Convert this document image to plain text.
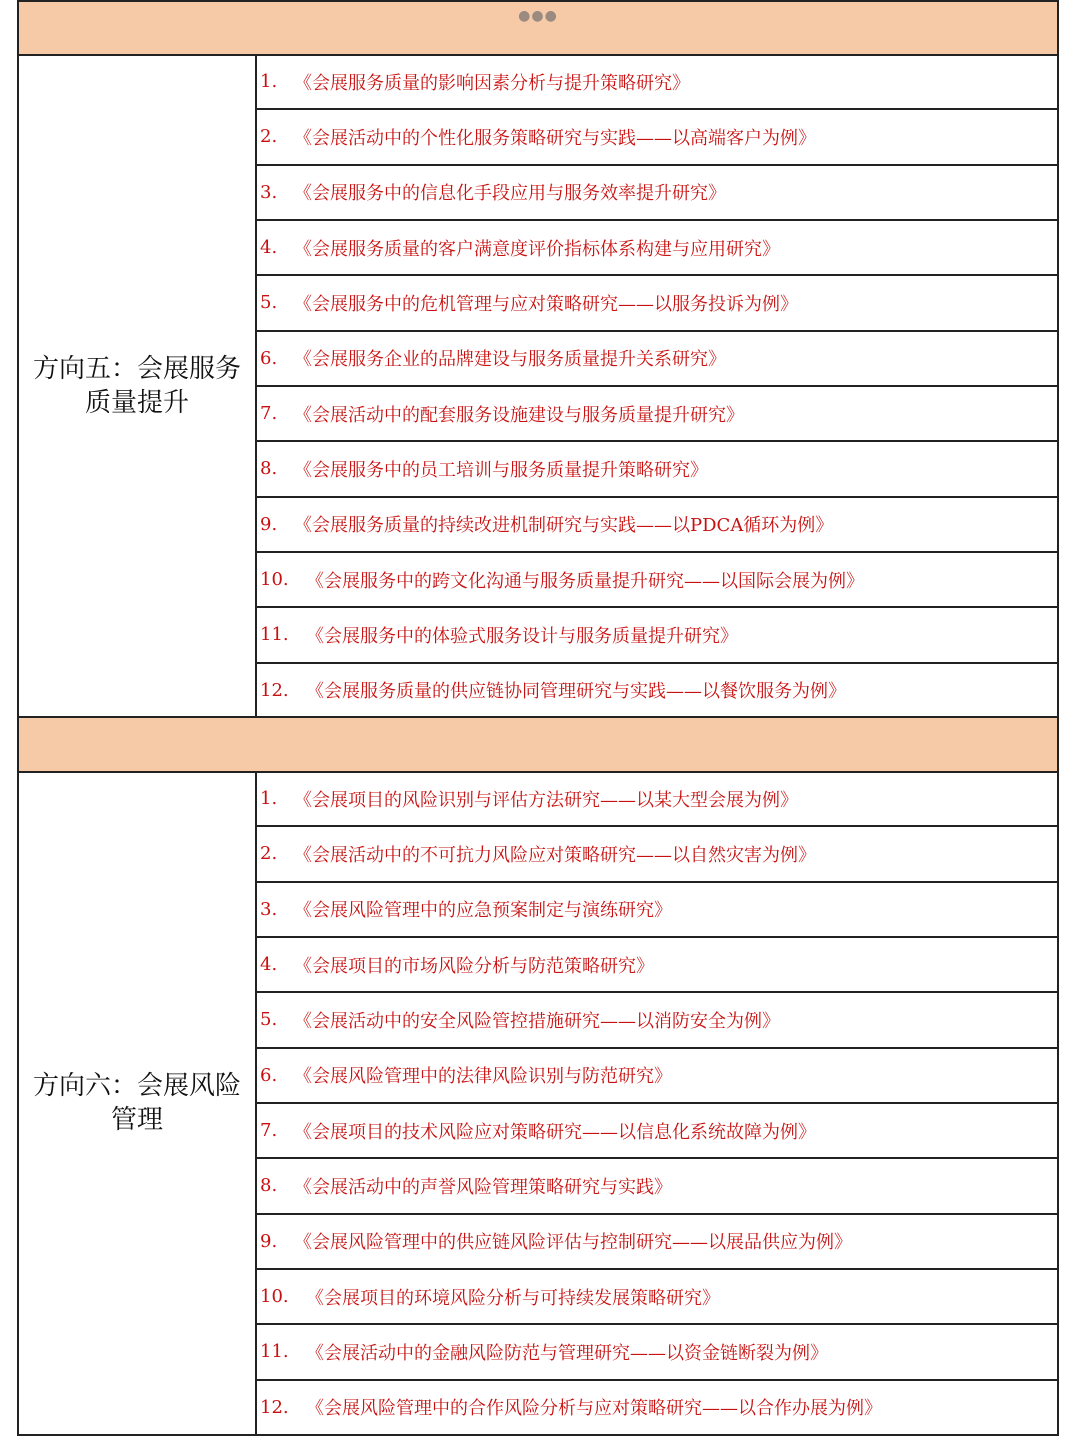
●●●
方向五：会展服务质量提升
1. 《会展服务质量的影响因素分析与提升策略研究》
2. 《会展活动中的个性化服务策略研究与实践——以高端客户为例》
3. 《会展服务中的信息化手段应用与服务效率提升研究》
4. 《会展服务质量的客户满意度评价指标体系构建与应用研究》
5. 《会展服务中的危机管理与应对策略研究——以服务投诉为例》
6. 《会展服务企业的品牌建设与服务质量提升关系研究》
7. 《会展活动中的配套服务设施建设与服务质量提升研究》
8. 《会展服务中的员工培训与服务质量提升策略研究》
9. 《会展服务质量的持续改进机制研究与实践——以PDCA循环为例》
10. 《会展服务中的跨文化沟通与服务质量提升研究——以国际会展为例》
11. 《会展服务中的体验式服务设计与服务质量提升研究》
12. 《会展服务质量的供应链协同管理研究与实践——以餐饮服务为例》
方向六：会展风险管理
1. 《会展项目的风险识别与评估方法研究——以某大型会展为例》
2. 《会展活动中的不可抗力风险应对策略研究——以自然灾害为例》
3. 《会展风险管理中的应急预案制定与演练研究》
4. 《会展项目的市场风险分析与防范策略研究》
5. 《会展活动中的安全风险管控措施研究——以消防安全为例》
6. 《会展风险管理中的法律风险识别与防范研究》
7. 《会展项目的技术风险应对策略研究——以信息化系统故障为例》
8. 《会展活动中的声誉风险管理策略研究与实践》
9. 《会展风险管理中的供应链风险评估与控制研究——以展品供应为例》
10. 《会展项目的环境风险分析与可持续发展策略研究》
11. 《会展活动中的金融风险防范与管理研究——以资金链断裂为例》
12. 《会展风险管理中的合作风险分析与应对策略研究——以合作办展为例》
